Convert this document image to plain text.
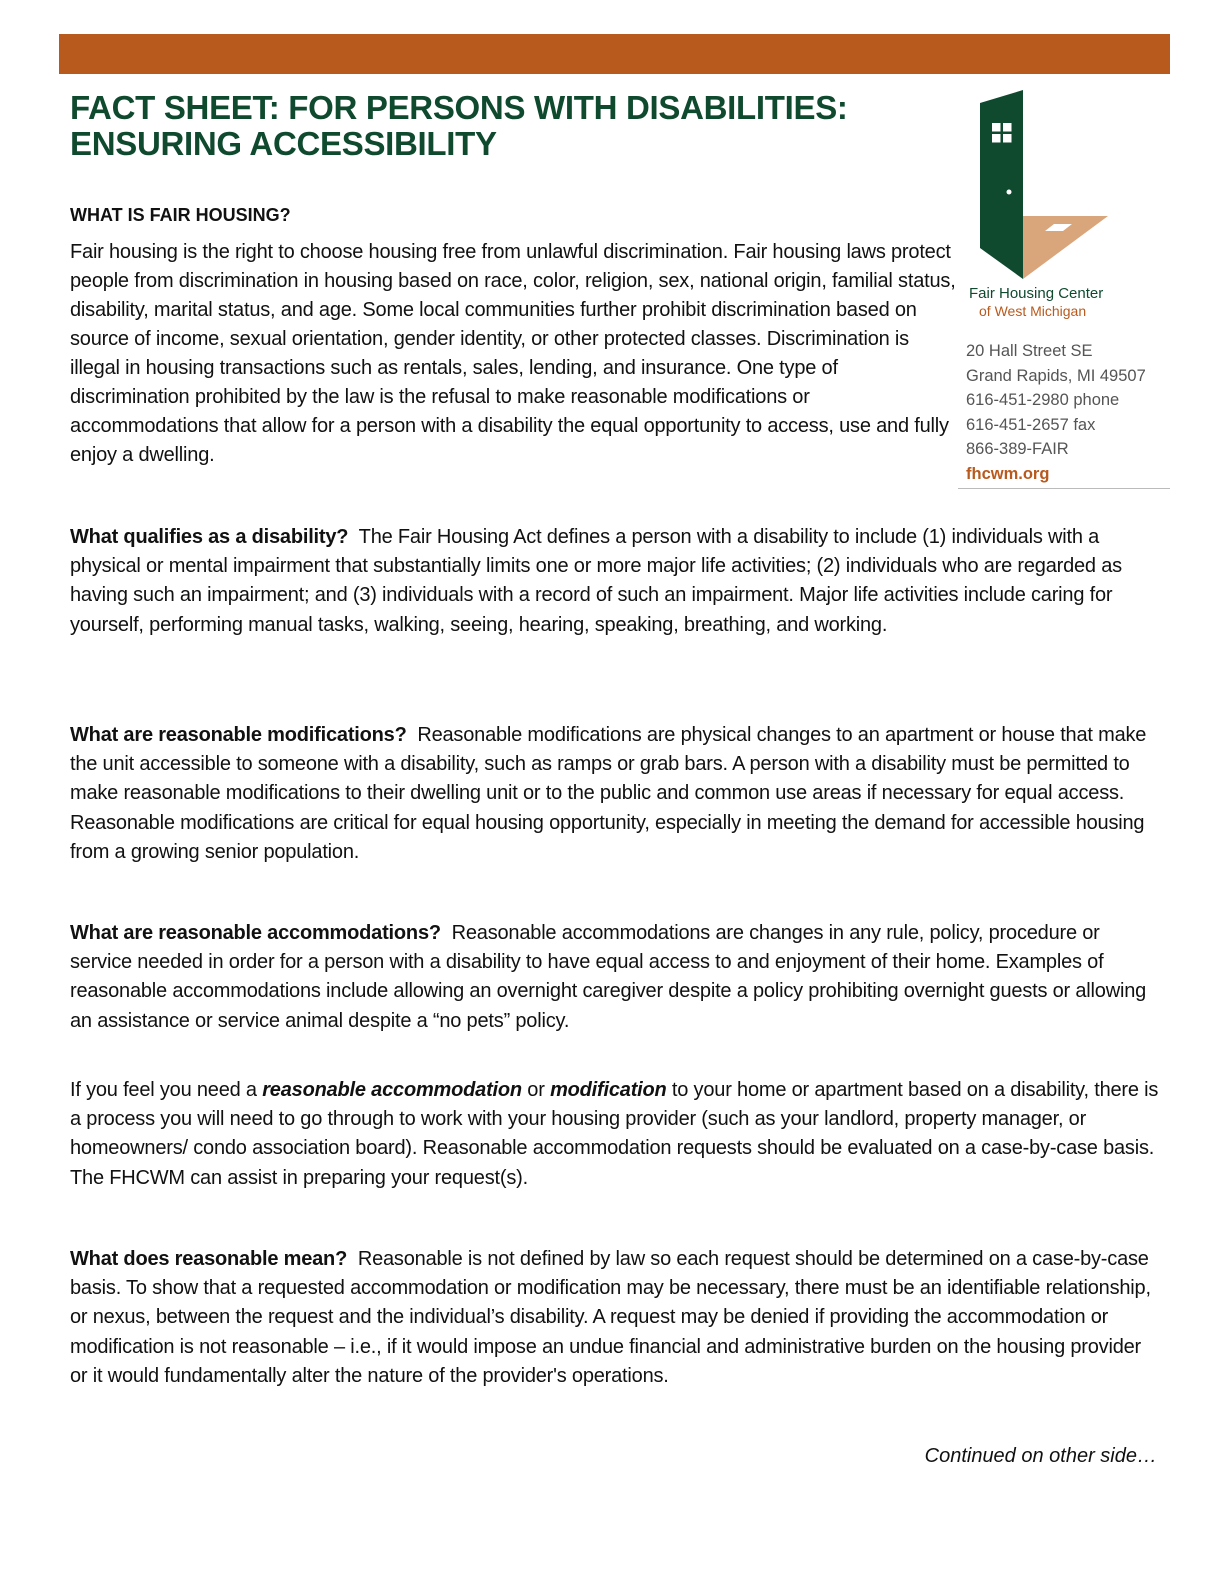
FACT SHEET: FOR PERSONS WITH DISABILITIES:
ENSURING ACCESSIBILITY
WHAT IS FAIR HOUSING?

Fair housing is the right to choose housing free from unlawful discrimination. Fair housing laws protect people from discrimination in housing based on race, color, religion, sex, national origin, familial status, disability, marital status, and age. Some local communities further prohibit discrimination based on source of income, sexual orientation, gender identity, or other protected classes. Discrimination is illegal in housing transactions such as rentals, sales, lending, and insurance. One type of discrimination prohibited by the law is the refusal to make reasonable modifications or accommodations that allow for a person with a disability the equal opportunity to access, use and fully enjoy a dwelling.

Fair Housing Center
of West Michigan
20 Hall Street SE
Grand Rapids, MI 49507
616-451-2980 phone
616-451-2657 fax
866-389-FAIR
fhcwm.org

What qualifies as a disability? The Fair Housing Act defines a person with a disability to include (1) individuals with a physical or mental impairment that substantially limits one or more major life activities; (2) individuals who are regarded as having such an impairment; and (3) individuals with a record of such an impairment. Major life activities include caring for yourself, performing manual tasks, walking, seeing, hearing, speaking, breathing, and working.

What are reasonable modifications? Reasonable modifications are physical changes to an apartment or house that make the unit accessible to someone with a disability, such as ramps or grab bars. A person with a disability must be permitted to make reasonable modifications to their dwelling unit or to the public and common use areas if necessary for equal access. Reasonable modifications are critical for equal housing opportunity, especially in meeting the demand for accessible housing from a growing senior population.

What are reasonable accommodations? Reasonable accommodations are changes in any rule, policy, procedure or service needed in order for a person with a disability to have equal access to and enjoyment of their home. Examples of reasonable accommodations include allowing an overnight caregiver despite a policy prohibiting overnight guests or allowing an assistance or service animal despite a “no pets” policy.

If you feel you need a reasonable accommodation or modification to your home or apartment based on a disability, there is a process you will need to go through to work with your housing provider (such as your landlord, property manager, or homeowners/ condo association board). Reasonable accommodation requests should be evaluated on a case-by-case basis. The FHCWM can assist in preparing your request(s).

What does reasonable mean? Reasonable is not defined by law so each request should be determined on a case-by-case basis. To show that a requested accommodation or modification may be necessary, there must be an identifiable relationship, or nexus, between the request and the individual’s disability. A request may be denied if providing the accommodation or modification is not reasonable – i.e., if it would impose an undue financial and administrative burden on the housing provider or it would fundamentally alter the nature of the provider's operations.

Continued on other side…
